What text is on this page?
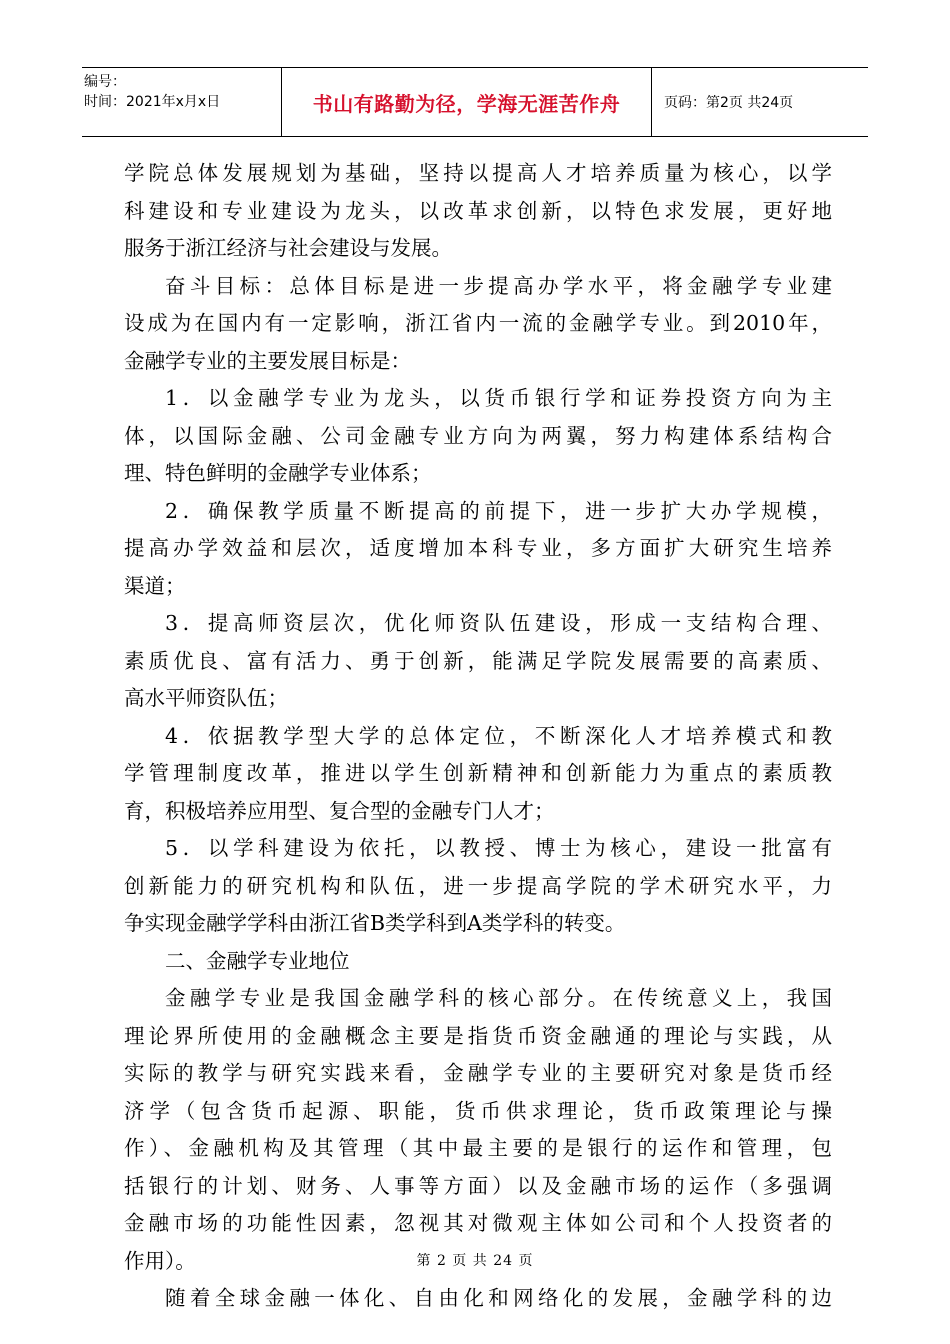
编号：
时间：2021年x月x日	书山有路勤为径，学海无涯苦作舟	页码：第2页 共24页
学院总体发展规划为基础，坚持以提高人才培养质量为核心，以学
科建设和专业建设为龙头，以改革求创新，以特色求发展，更好地
服务于浙江经济与社会建设与发展。
奋斗目标：总体目标是进一步提高办学水平，将金融学专业建
设成为在国内有一定影响，浙江省内一流的金融学专业。到2010年，
金融学专业的主要发展目标是：
1．以金融学专业为龙头，以货币银行学和证券投资方向为主
体，以国际金融、公司金融专业方向为两翼，努力构建体系结构合
理、特色鲜明的金融学专业体系；
2．确保教学质量不断提高的前提下，进一步扩大办学规模，
提高办学效益和层次，适度增加本科专业，多方面扩大研究生培养
渠道；
3．提高师资层次，优化师资队伍建设，形成一支结构合理、
素质优良、富有活力、勇于创新，能满足学院发展需要的高素质、
高水平师资队伍；
4．依据教学型大学的总体定位，不断深化人才培养模式和教
学管理制度改革，推进以学生创新精神和创新能力为重点的素质教
育，积极培养应用型、复合型的金融专门人才；
5．以学科建设为依托，以教授、博士为核心，建设一批富有
创新能力的研究机构和队伍，进一步提高学院的学术研究水平，力
争实现金融学学科由浙江省B类学科到A类学科的转变。
二、金融学专业地位
金融学专业是我国金融学科的核心部分。在传统意义上，我国
理论界所使用的金融概念主要是指货币资金融通的理论与实践，从
实际的教学与研究实践来看，金融学专业的主要研究对象是货币经
济学（包含货币起源、职能，货币供求理论，货币政策理论与操
作）、金融机构及其管理（其中最主要的是银行的运作和管理，包
括银行的计划、财务、人事等方面）以及金融市场的运作（多强调
金融市场的功能性因素，忽视其对微观主体如公司和个人投资者的
作用）。
随着全球金融一体化、自由化和网络化的发展，金融学科的边
第 2 页 共 24 页
